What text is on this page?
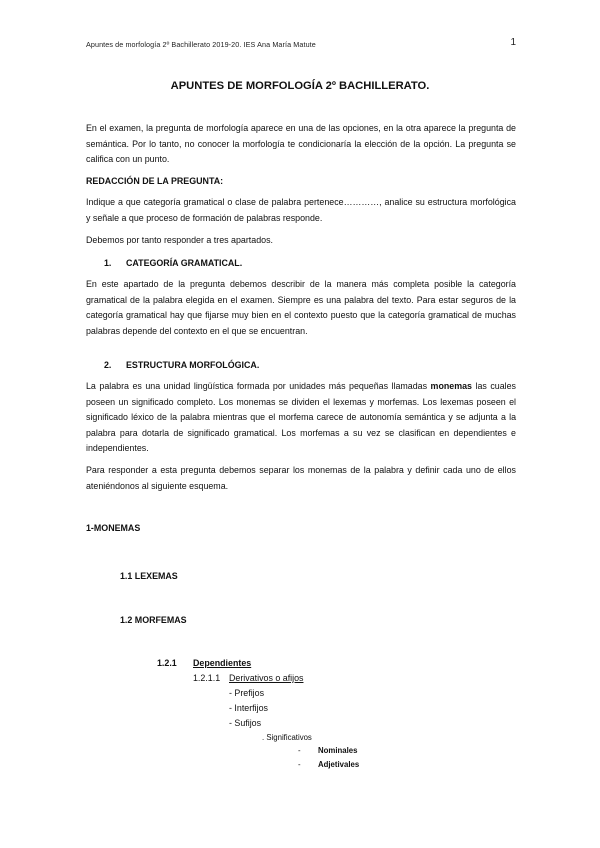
Apuntes de morfología 2º Bachillerato 2019-20. IES Ana María Matute	1
APUNTES DE MORFOLOGÍA 2º BACHILLERATO.
En el examen, la pregunta de morfología aparece en una de las opciones, en la otra aparece la pregunta de semántica. Por lo tanto, no conocer la morfología te condicionaría la elección de la opción. La pregunta se califica con un punto.
REDACCIÓN DE LA PREGUNTA:
Indique a que categoría gramatical o clase de palabra pertenece…………, analice su estructura morfológica y señale a que proceso de formación de palabras responde.
Debemos por tanto responder a tres apartados.
1. CATEGORÍA GRAMATICAL.
En este apartado de la pregunta debemos describir de la manera más completa posible la categoría gramatical de la palabra elegida en el examen. Siempre es una palabra del texto. Para estar seguros de la categoría gramatical hay que fijarse muy bien en el contexto puesto que la categoría gramatical de muchas palabras depende del contexto en el que se encuentran.
2. ESTRUCTURA MORFOLÓGICA.
La palabra es una unidad lingüística formada por unidades más pequeñas llamadas monemas las cuales poseen un significado completo. Los monemas se dividen el lexemas y morfemas. Los lexemas poseen el significado léxico de la palabra mientras que el morfema carece de autonomía semántica y se adjunta a la palabra para dotarla de significado gramatical. Los morfemas a su vez se clasifican en dependientes e independientes.
Para responder a esta pregunta debemos separar los monemas de la palabra y definir cada uno de ellos ateniéndonos al siguiente esquema.
1-MONEMAS
1.1 LEXEMAS
1.2 MORFEMAS
1.2.1 Dependientes
1.2.1.1 Derivativos o afijos
- Prefijos
- Interfijos
- Sufijos
. Significativos
- Nominales
- Adjetivales
